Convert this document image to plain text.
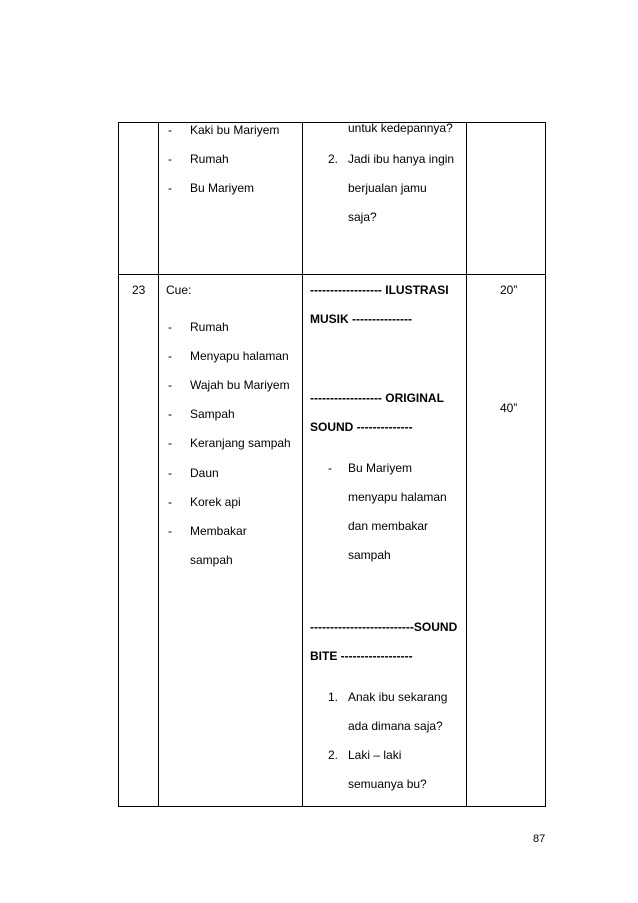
- Kaki bu Mariyem
- Rumah
- Bu Mariyem
untuk kedepannya?
2. Jadi ibu hanya ingin
berjualan jamu
saja?
23 Cue:
- Rumah
- Menyapu halaman
- Wajah bu Mariyem
- Sampah
- Keranjang sampah
- Daun
- Korek api
- Membakar
sampah
------------------ ILUSTRASI
MUSIK ---------------
------------------ ORIGINAL
SOUND --------------
- Bu Mariyem
menyapu halaman
dan membakar
sampah
--------------------------SOUND
BITE ------------------
1. Anak ibu sekarang
ada dimana saja?
2. Laki – laki
semuanya bu?
20”
40”
87
